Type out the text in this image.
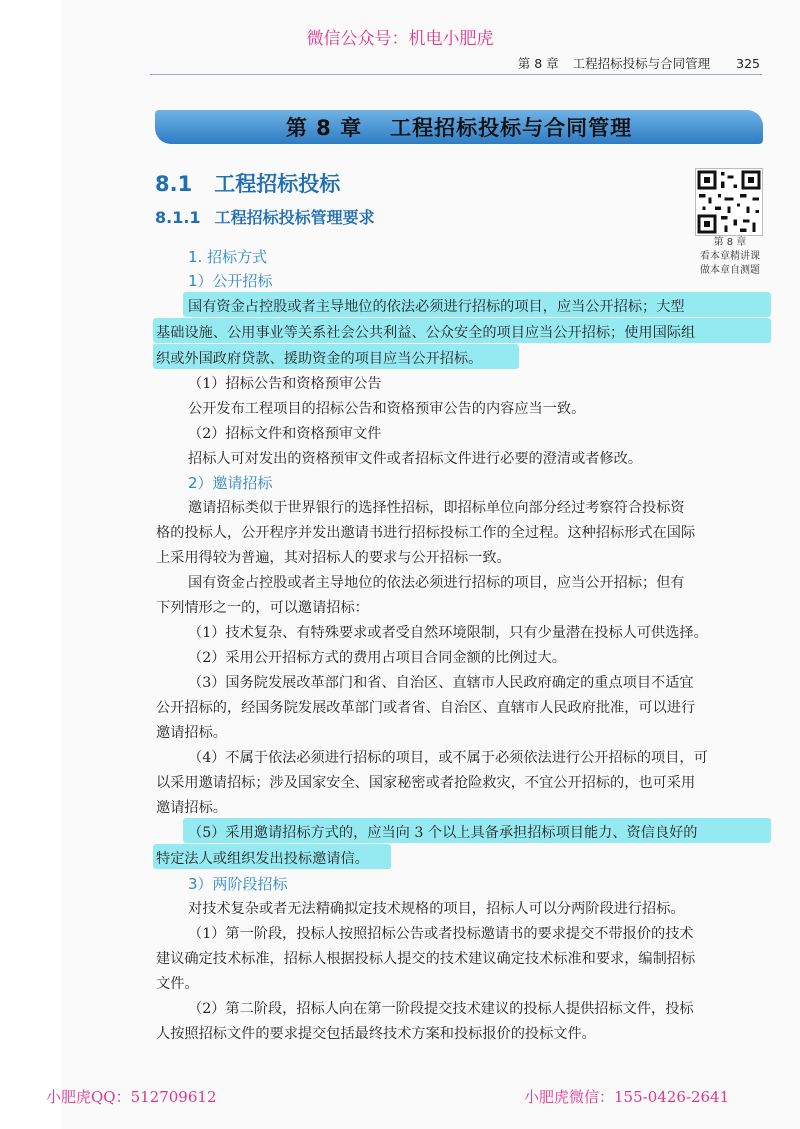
微信公众号：机电小肥虎
第 8 章 工程招标投标与合同管理 325
第 8 章 工程招标投标与合同管理
8.1 工程招标投标
8.1.1 工程招标投标管理要求
第 8 章
看本章精讲课
做本章自测题
1. 招标方式
1）公开招标
国有资金占控股或者主导地位的依法必须进行招标的项目，应当公开招标；大型
基础设施、公用事业等关系社会公共利益、公众安全的项目应当公开招标；使用国际组
织或外国政府贷款、援助资金的项目应当公开招标。
（1）招标公告和资格预审公告
公开发布工程项目的招标公告和资格预审公告的内容应当一致。
（2）招标文件和资格预审文件
招标人可对发出的资格预审文件或者招标文件进行必要的澄清或者修改。
2）邀请招标
邀请招标类似于世界银行的选择性招标，即招标单位向部分经过考察符合投标资
格的投标人，公开程序并发出邀请书进行招标投标工作的全过程。这种招标形式在国际
上采用得较为普遍，其对招标人的要求与公开招标一致。
国有资金占控股或者主导地位的依法必须进行招标的项目，应当公开招标；但有
下列情形之一的，可以邀请招标：
（1）技术复杂、有特殊要求或者受自然环境限制，只有少量潜在投标人可供选择。
（2）采用公开招标方式的费用占项目合同金额的比例过大。
（3）国务院发展改革部门和省、自治区、直辖市人民政府确定的重点项目不适宜
公开招标的，经国务院发展改革部门或者省、自治区、直辖市人民政府批准，可以进行
邀请招标。
（4）不属于依法必须进行招标的项目，或不属于必须依法进行公开招标的项目，可
以采用邀请招标；涉及国家安全、国家秘密或者抢险救灾，不宜公开招标的，也可采用
邀请招标。
（5）采用邀请招标方式的，应当向 3 个以上具备承担招标项目能力、资信良好的
特定法人或组织发出投标邀请信。
3）两阶段招标
对技术复杂或者无法精确拟定技术规格的项目，招标人可以分两阶段进行招标。
（1）第一阶段，投标人按照招标公告或者投标邀请书的要求提交不带报价的技术
建议确定技术标准，招标人根据投标人提交的技术建议确定技术标准和要求，编制招标
文件。
（2）第二阶段，招标人向在第一阶段提交技术建议的投标人提供招标文件，投标
人按照招标文件的要求提交包括最终技术方案和投标报价的投标文件。
小肥虎QQ：512709612	小肥虎微信：155-0426-2641
